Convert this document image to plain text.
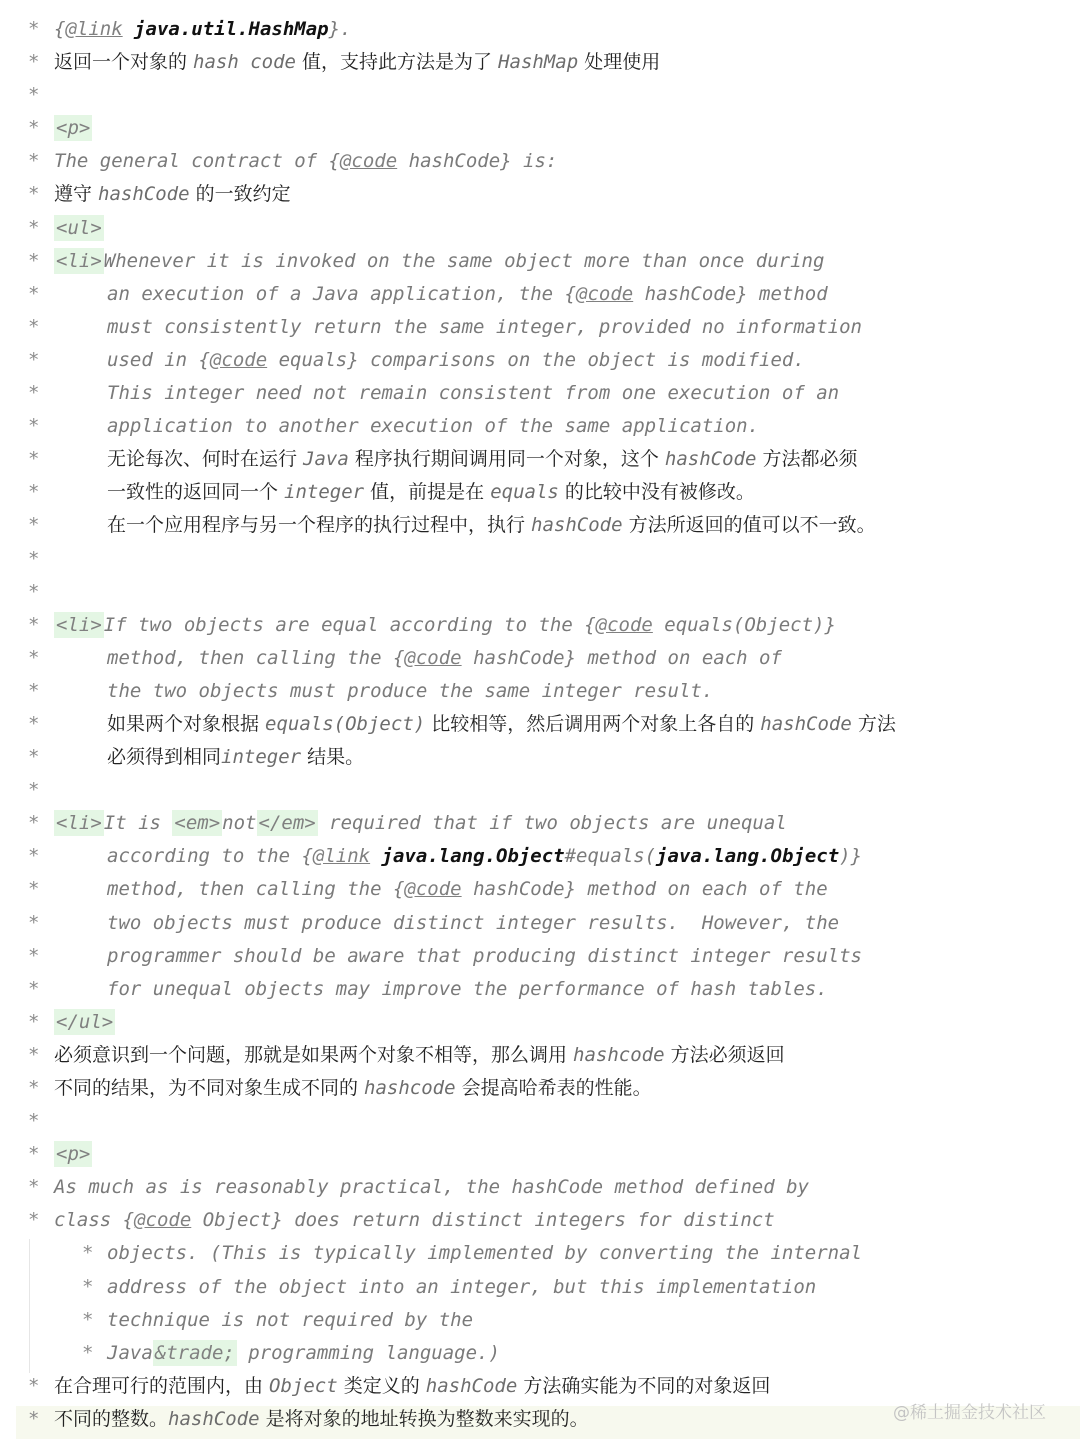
* {@link java.util.HashMap}.
* 返回一个对象的 hash code 值，支持此方法是为了 HashMap 处理使用
*
* <p>
* The general contract of {@code hashCode} is:
* 遵守 hashCode 的一致约定
* <ul>
* <li> Whenever it is invoked on the same object more than once during
*	an execution of a Java application, the {@code hashCode} method
*	must consistently return the same integer, provided no information
*	used in {@code equals} comparisons on the object is modified.
*	This integer need not remain consistent from one execution of an
*	application to another execution of the same application.
*	无论每次、何时在运行 Java 程序执行期间调用同一个对象，这个 hashCode 方法都必须
*	一致性的返回同一个 integer 值，前提是在 equals 的比较中没有被修改。
*	在一个应用程序与另一个程序的执行过程中，执行 hashCode 方法所返回的值可以不一致。
*
*
* <li> If two objects are equal according to the {@code equals(Object)}
*	method, then calling the {@code hashCode} method on each of
*	the two objects must produce the same integer result.
*	如果两个对象根据 equals(Object) 比较相等，然后调用两个对象上各自的 hashCode 方法
*	必须得到相同integer 结果。
*
* <li> It is <em> not </em> required that if two objects are unequal
*	according to the {@link java.lang.Object#equals(java.lang.Object)}
*	method, then calling the {@code hashCode} method on each of the
*	two objects must produce distinct integer results.  However, the
*	programmer should be aware that producing distinct integer results
*	for unequal objects may improve the performance of hash tables.
* </ul>
* 必须意识到一个问题，那就是如果两个对象不相等，那么调用 hashcode 方法必须返回
* 不同的结果，为不同对象生成不同的 hashcode 会提高哈希表的性能。
*
* <p>
* As much as is reasonably practical, the hashCode method defined by
* class {@code Object} does return distinct integers for distinct
* objects. (This is typically implemented by converting the internal
* address of the object into an integer, but this implementation
* technique is not required by the
* Java &trade; programming language.)
* 在合理可行的范围内，由 Object 类定义的 hashCode 方法确实能为不同的对象返回
* 不同的整数。hashCode 是将对象的地址转换为整数来实现的。	@稀土掘金技术社区
